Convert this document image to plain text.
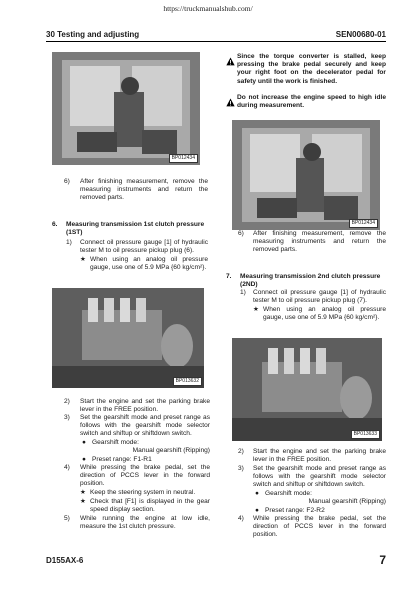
https://truckmanualshub.com/
30 Testing and adjusting	SEN00680-01
BP012434
6) After finishing measurement, remove the measuring instruments and return the removed parts.
6. Measuring transmission 1st clutch pressure (1ST)
1) Connect oil pressure gauge [1] of hydraulic tester M to oil pressure pickup plug (6).
★ When using an analog oil pressure gauge, use one of 5.9 MPa {60 kg/cm²}.
BP013632
2) Start the engine and set the parking brake lever in the FREE position.
3) Set the gearshift mode and preset range as follows with the gearshift mode selector switch and shiftup or shiftdown switch.
● Gearshift mode:
Manual gearshift (Ripping)
● Preset range: F1-R1
4) While pressing the brake pedal, set the direction of PCCS lever in the forward position.
★ Keep the steering system in neutral.
★ Check that [F1] is displayed in the gear speed display section.
5) While running the engine at low idle, measure the 1st clutch pressure.
Since the torque converter is stalled, keep pressing the brake pedal securely and keep your right foot on the decelerator pedal for safety until the work is finished.
Do not increase the engine speed to high idle during measurement.
BP012434
6) After finishing measurement, remove the measuring instruments and return the removed parts.
7. Measuring transmission 2nd clutch pressure (2ND)
1) Connect oil pressure gauge [1] of hydraulic tester M to oil pressure pickup plug (7).
★ When using an analog oil pressure gauge, use one of 5.9 MPa {60 kg/cm²}.
BP013633
2) Start the engine and set the parking brake lever in the FREE position.
3) Set the gearshift mode and preset range as follows with the gearshift mode selector switch and shiftup or shiftdown switch.
● Gearshift mode:
Manual gearshift (Ripping)
● Preset range: F2-R2
4) While pressing the brake pedal, set the direction of PCCS lever in the forward position.
D155AX-6	7
